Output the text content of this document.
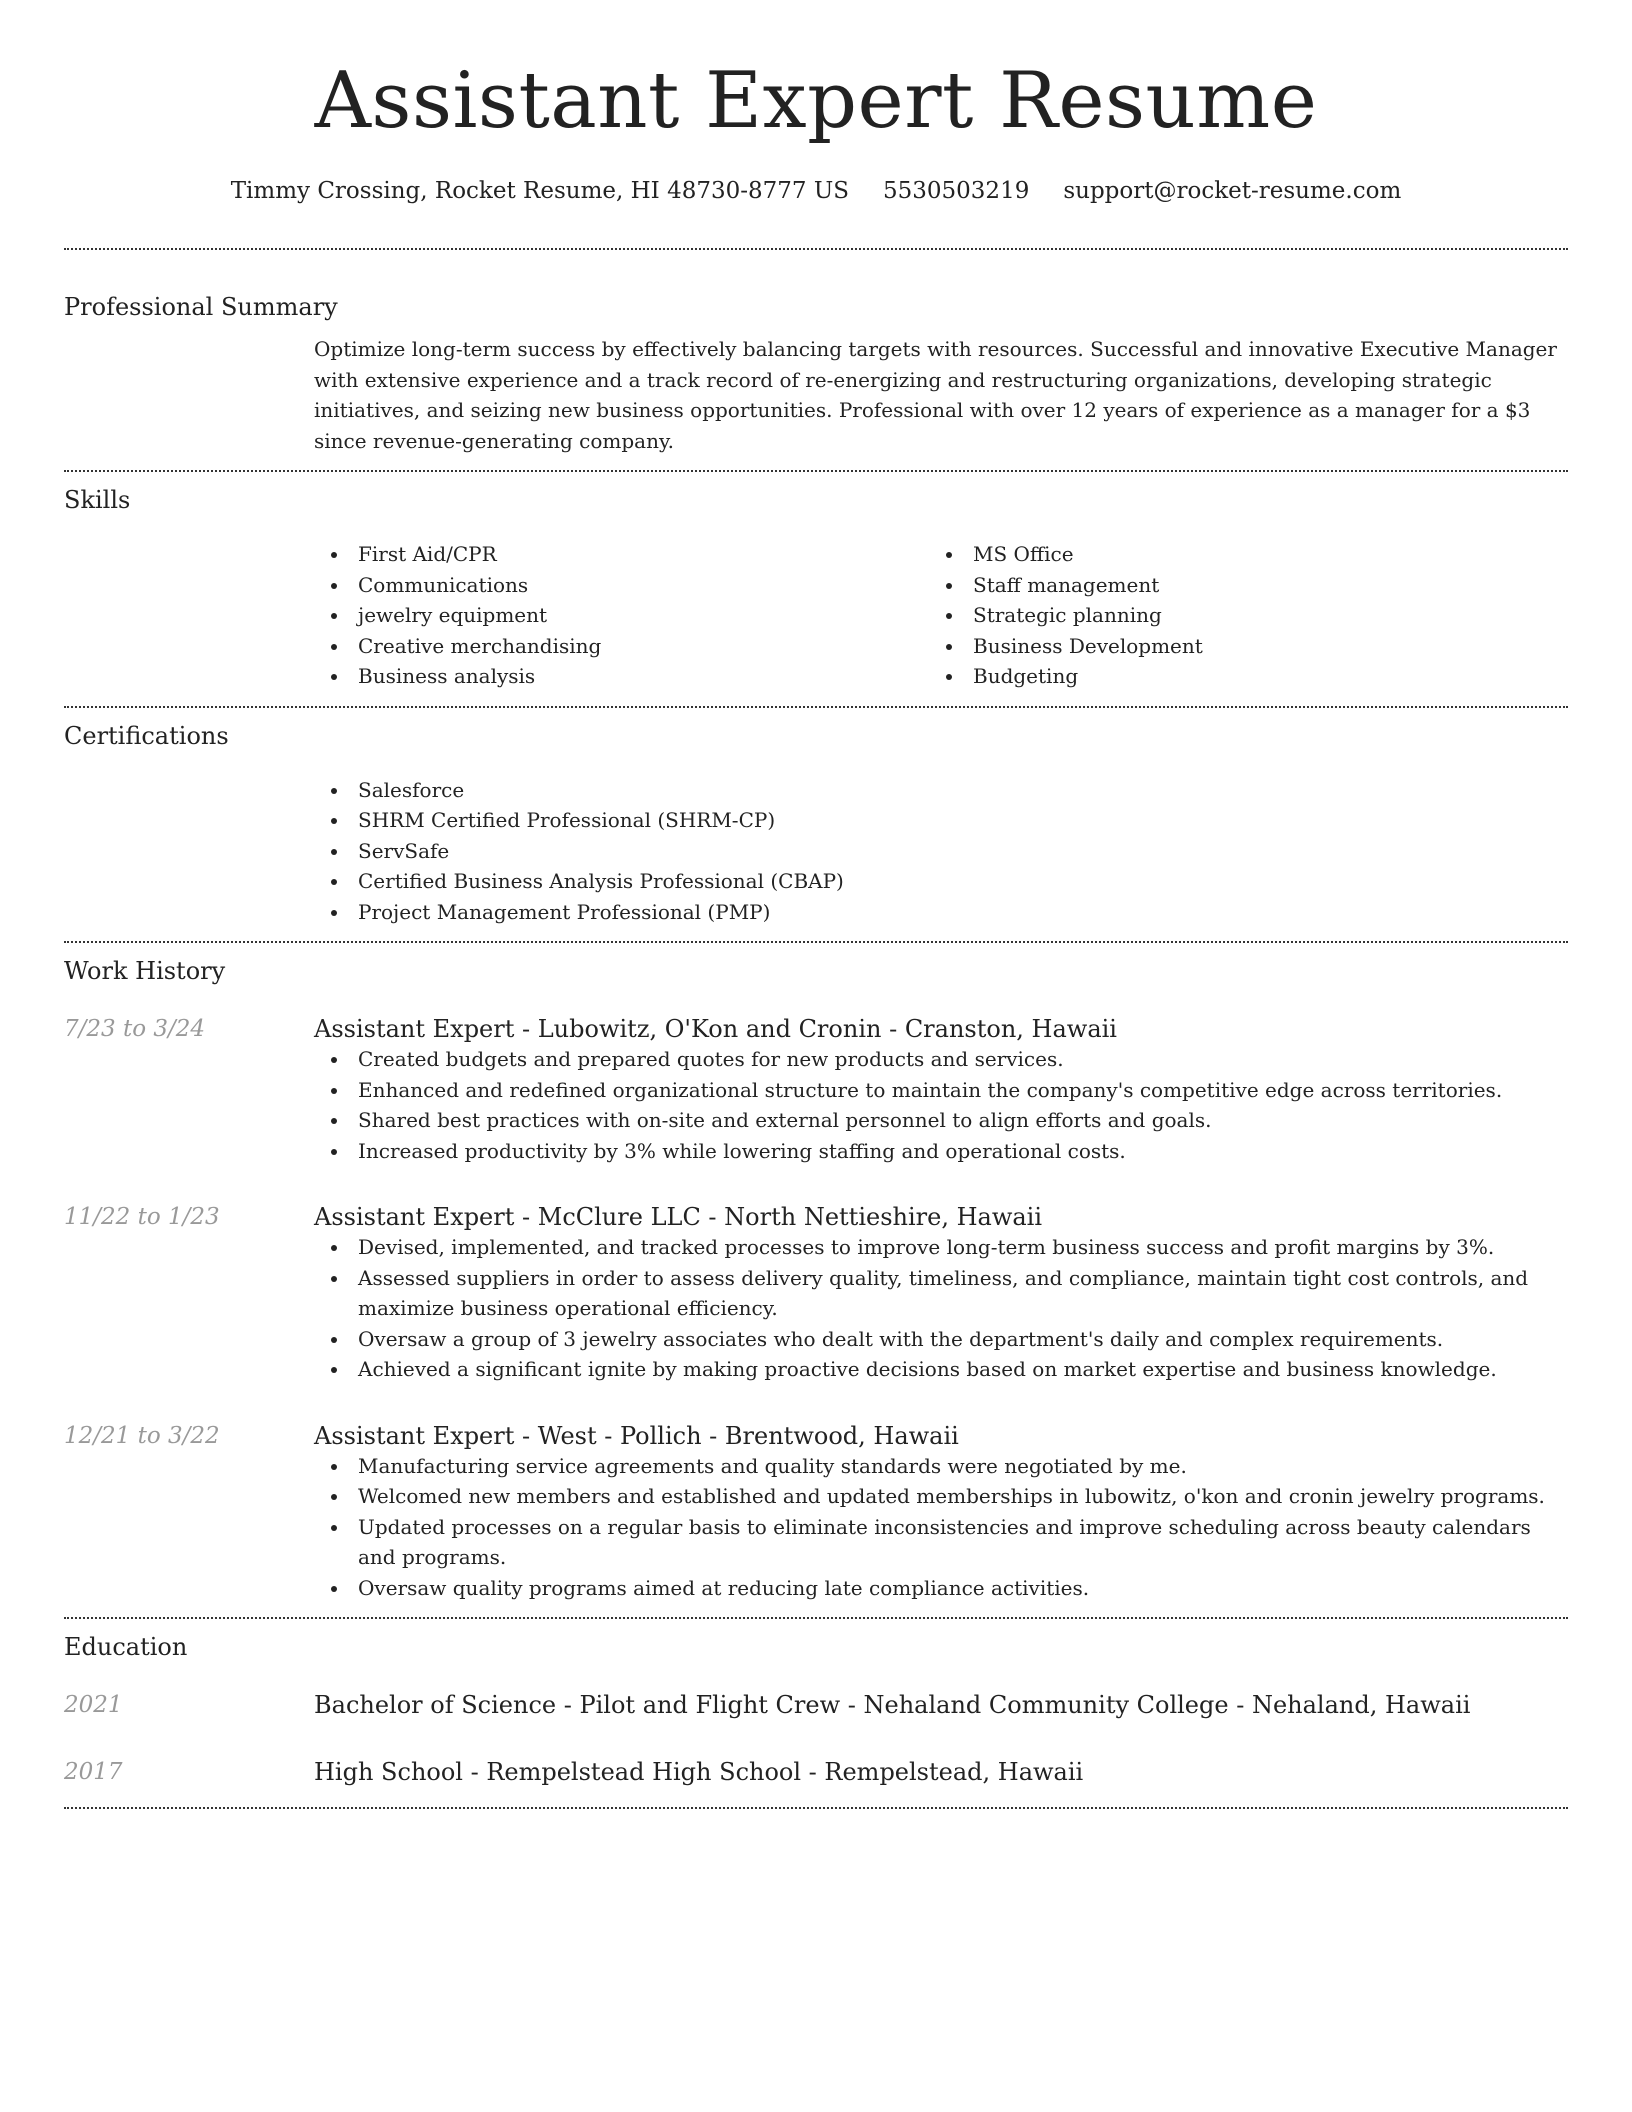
Assistant Expert Resume
Timmy Crossing, Rocket Resume, HI 48730-8777 US 5530503219 support@rocket-resume.com
Professional Summary

Optimize long-term success by effectively balancing targets with resources. Successful and innovative Executive Manager with extensive experience and a track record of re-energizing and restructuring organizations, developing strategic initiatives, and seizing new business opportunities. Professional with over 12 years of experience as a manager for a $3 since revenue-generating company.

Skills
First Aid/CPR
Communications
jewelry equipment
Creative merchandising
Business analysis
MS Office
Staff management
Strategic planning
Business Development
Budgeting
Certifications
Salesforce
SHRM Certified Professional (SHRM-CP)
ServSafe
Certified Business Analysis Professional (CBAP)
Project Management Professional (PMP)
Work History
7/23 to 3/24	Assistant Expert - Lubowitz, O'Kon and Cronin - Cranston, Hawaii
Created budgets and prepared quotes for new products and services.
Enhanced and redefined organizational structure to maintain the company's competitive edge across territories.
Shared best practices with on-site and external personnel to align efforts and goals.
Increased productivity by 3% while lowering staffing and operational costs.
11/22 to 1/23	Assistant Expert - McClure LLC - North Nettieshire, Hawaii
Devised, implemented, and tracked processes to improve long-term business success and profit margins by 3%.
Assessed suppliers in order to assess delivery quality, timeliness, and compliance, maintain tight cost controls, and maximize business operational efficiency.
Oversaw a group of 3 jewelry associates who dealt with the department's daily and complex requirements.
Achieved a significant ignite by making proactive decisions based on market expertise and business knowledge.
12/21 to 3/22	Assistant Expert - West - Pollich - Brentwood, Hawaii
Manufacturing service agreements and quality standards were negotiated by me.
Welcomed new members and established and updated memberships in lubowitz, o'kon and cronin jewelry programs.
Updated processes on a regular basis to eliminate inconsistencies and improve scheduling across beauty calendars and programs.
Oversaw quality programs aimed at reducing late compliance activities.
Education
2021	Bachelor of Science - Pilot and Flight Crew - Nehaland Community College - Nehaland, Hawaii
2017	High School - Rempelstead High School - Rempelstead, Hawaii
